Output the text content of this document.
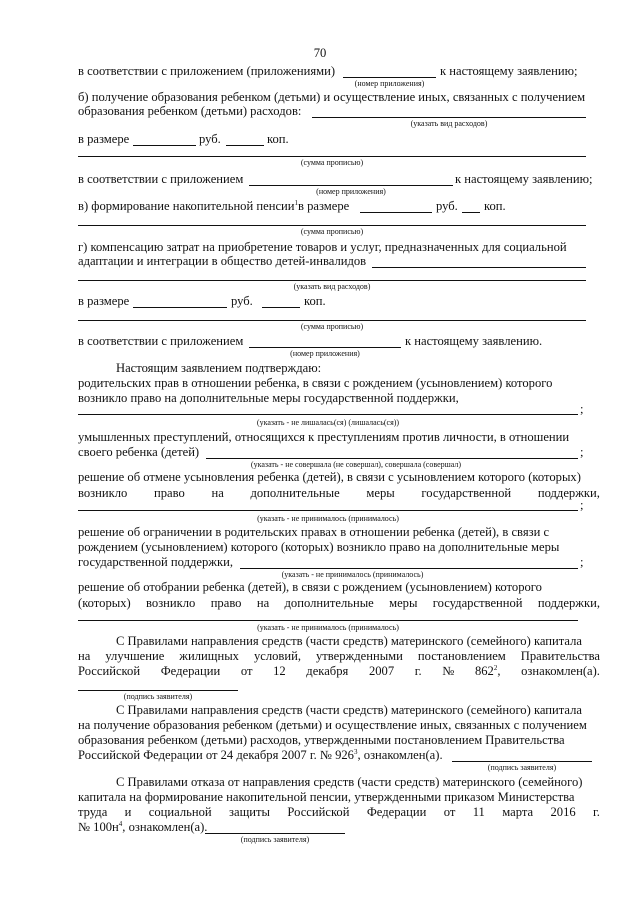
70
в соответствии с приложением (приложениями)	к настоящему заявлению;
(номер приложения)
б) получение образования ребенком (детьми) и осуществление иных, связанных с получением
образования ребенком (детьми) расходов:
(указать вид расходов)
в размере	руб.	коп.
(сумма прописью)
в соответствии с приложением	к настоящему заявлению;
(номер приложения)
в) формирование накопительной пенсии$^1$в размере	руб. коп.
(сумма прописью)
г) компенсацию затрат на приобретение товаров и услуг, предназначенных для социальной
адаптации и интеграции в общество детей-инвалидов
(указать вид расходов)
в размере	руб.	коп.
(сумма прописью)
в соответствии с приложением	к настоящему заявлению.
(номер приложения)
Настоящим заявлением подтверждаю:
родительских прав в отношении ребенка, в связи с рождением (усыновлением) которого
возникло право на дополнительные меры государственной поддержки,
;
(указать - не лишалась(ся) (лишалась(ся))
умышленных преступлений, относящихся к преступлениям против личности, в отношении
своего ребенка (детей)	;
(указать - не совершала (не совершал), совершала (совершал)
решение об отмене усыновления ребенка (детей), в связи с усыновлением которого (которых)
возникло право на дополнительные меры государственной поддержки,
;
(указать - не принималось (принималось)
решение об ограничении в родительских правах в отношении ребенка (детей), в связи с
рождением (усыновлением) которого (которых) возникло право на дополнительные меры
государственной поддержки,	;
(указать - не принималось (принималось)
решение об отобрании ребенка (детей), в связи с рождением (усыновлением) которого
(которых) возникло право на дополнительные меры государственной поддержки,
(указать - не принималось (принималось)
С Правилами направления средств (части средств) материнского (семейного) капитала
на улучшение жилищных условий, утвержденными постановлением Правительства
Российской Федерации от 12 декабря 2007 г. № $862^2$, ознакомлен(а).
(подпись заявителя)
С Правилами направления средств (части средств) материнского (семейного) капитала
на получение образования ребенком (детьми) и осуществление иных, связанных с получением
образования ребенком (детьми) расходов, утвержденными постановлением Правительства
Российской Федерации от 24 декабря 2007 г. № $926^3$, ознакомлен(а).
(подпись заявителя)
С Правилами отказа от направления средств (части средств) материнского (семейного)
капитала на формирование накопительной пенсии, утвержденными приказом Министерства
труда и социальной защиты Российской Федерации от 11 марта 2016 г.
№ $100н^4$, ознакомлен(а).
(подпись заявителя)
